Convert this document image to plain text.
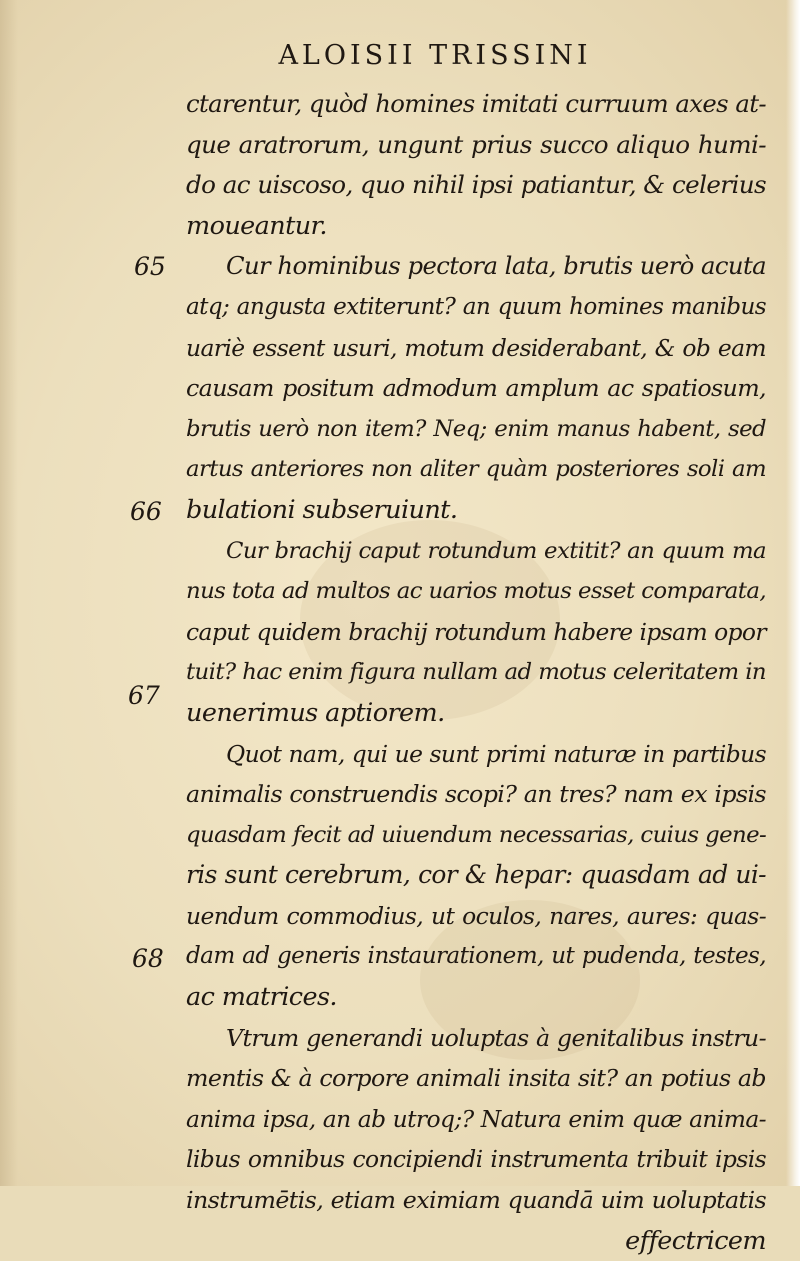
ALOISII TRISSINI
65
66
67
68
ctarentur, quòd homines imitati curruum axes at-
que aratrorum, ungunt prius succo aliquo humi-
do ac uiscoso, quo nihil ipsi patiantur, & celerius
moueantur.
Cur hominibus pectora lata, brutis uerò acuta
atq; angusta extiterunt? an quum homines manibus
uariè essent usuri, motum desiderabant, & ob eam
causam positum admodum amplum ac spatiosum,
brutis uerò non item? Neq; enim manus habent, sed
artus anteriores non aliter quàm posteriores soli am
bulationi subseruiunt.
Cur brachij caput rotundum extitit? an quum ma
nus tota ad multos ac uarios motus esset comparata,
caput quidem brachij rotundum habere ipsam opor
tuit? hac enim figura nullam ad motus celeritatem in
uenerimus aptiorem.
Quot nam, qui ue sunt primi naturæ in partibus
animalis construendis scopi? an tres? nam ex ipsis
quasdam fecit ad uiuendum necessarias, cuius gene-
ris sunt cerebrum, cor & hepar: quasdam ad ui-
uendum commodius, ut oculos, nares, aures: quas-
dam ad generis instaurationem, ut pudenda, testes,
ac matrices.
Vtrum generandi uoluptas à genitalibus instru-
mentis & à corpore animali insita sit? an potius ab
anima ipsa, an ab utroq;? Natura enim quæ anima-
libus omnibus concipiendi instrumenta tribuit ipsis
instrumētis, etiam eximiam quandā uim uoluptatis
effectricem
